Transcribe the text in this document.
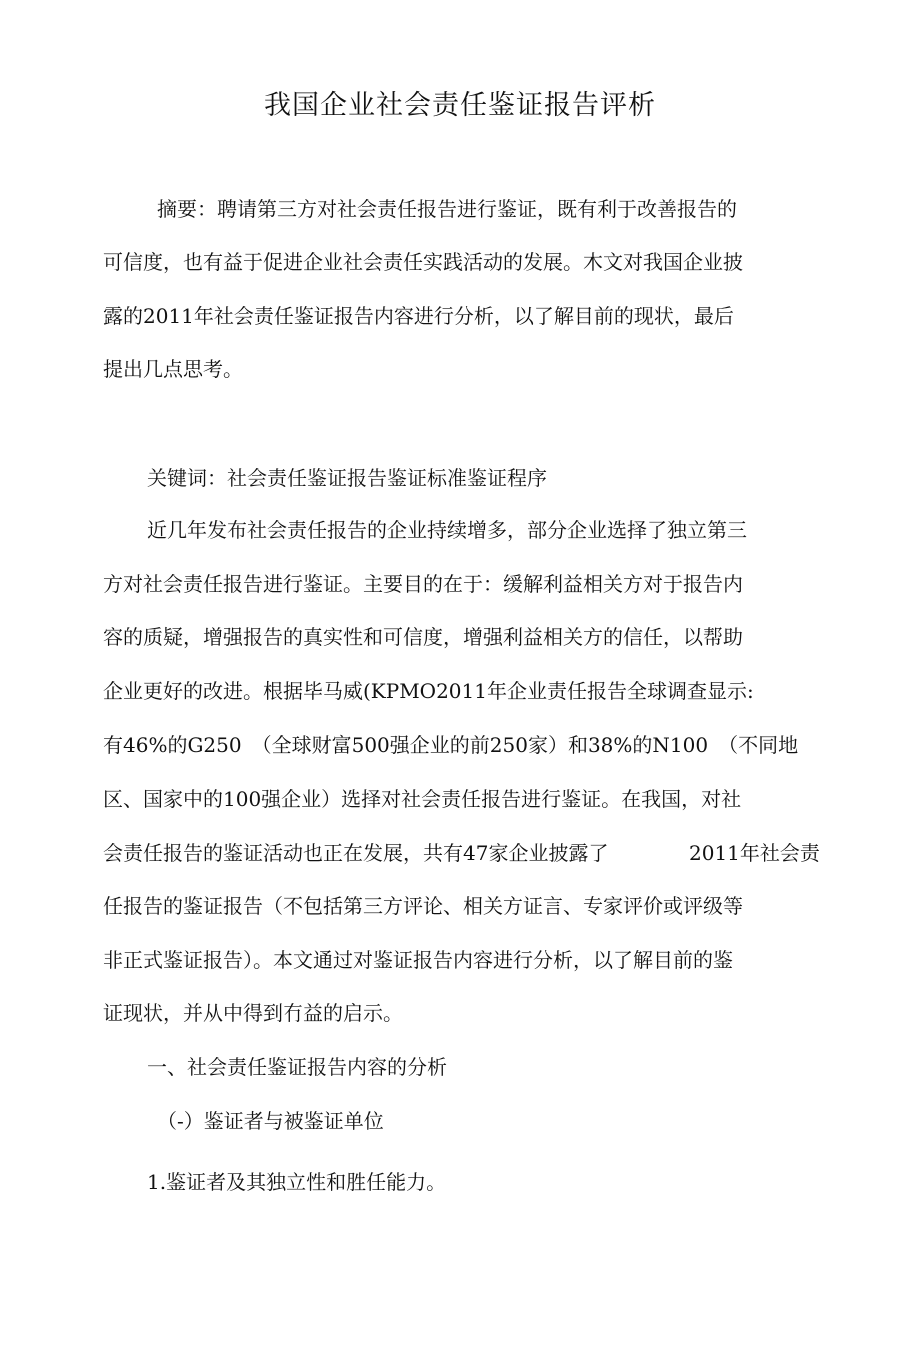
我国企业社会责任鉴证报告评析
摘要：聘请第三方对社会责任报告进行鉴证，既有利于改善报告的
可信度，也有益于促进企业社会责任实践活动的发展。木文对我国企业披
露的2011年社会责任鉴证报告内容进行分析，以了解目前的现状，最后
提出几点思考。
关键词：社会责任鉴证报告鉴证标准鉴证程序
近几年发布社会责任报告的企业持续增多，部分企业选择了独立第三
方对社会责任报告进行鉴证。主要目的在于：缓解利益相关方对于报告内
容的质疑，增强报告的真实性和可信度，增强利益相关方的信任，以帮助
企业更好的改进。根据毕马威(KPMO2011年企业责任报告全球调查显示:
有46%的G250　（全球财富500强企业的前250家）和38%的N100　（不同地
区、国家中的100强企业）选择对社会责任报告进行鉴证。在我国，对社
会责任报告的鉴证活动也正在发展，共有47家企业披露了	2011年社会责
任报告的鉴证报告（不包括第三方评论、相关方证言、专家评价或评级等
非正式鉴证报告）。本文通过对鉴证报告内容进行分析，以了解目前的鉴
证现状，并从中得到冇益的启示。
一、社会责任鉴证报告内容的分析
（-）鉴证者与被鉴证单位
1.鉴证者及其独立性和胜任能力。
